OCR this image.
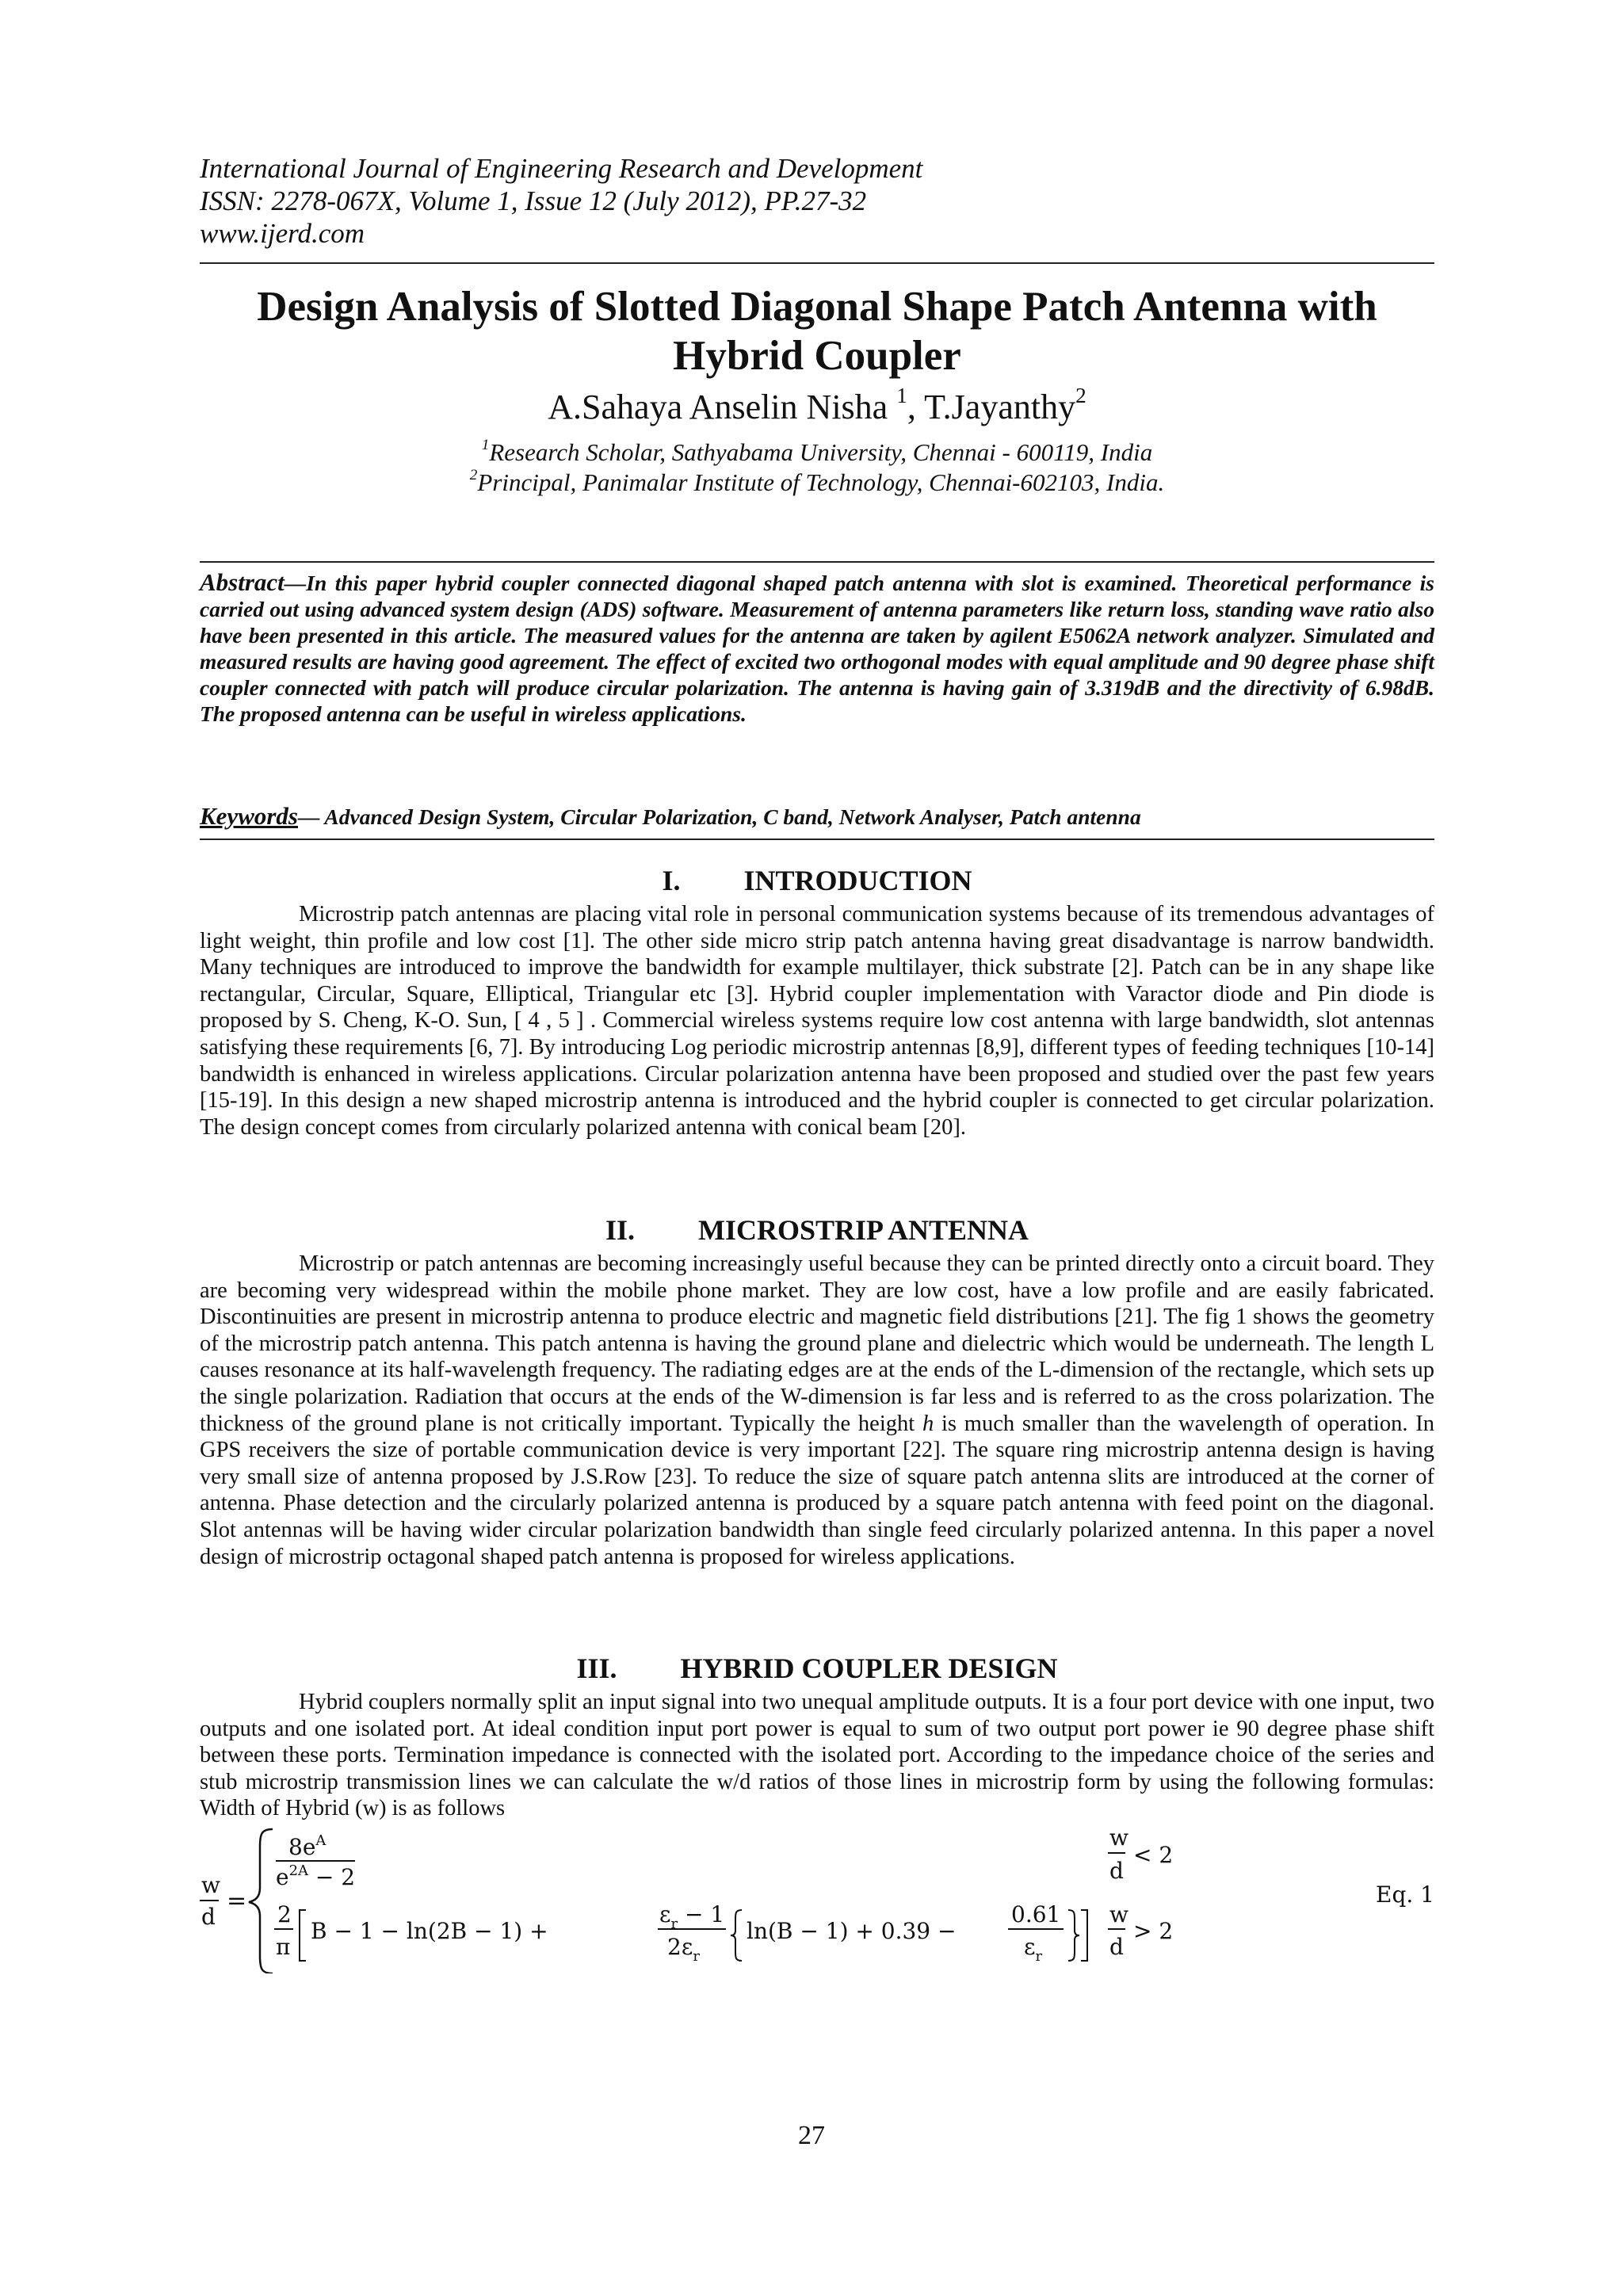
International Journal of Engineering Research and Development
ISSN: 2278-067X, Volume 1, Issue 12 (July 2012), PP.27-32
www.ijerd.com
Design Analysis of Slotted Diagonal Shape Patch Antenna with
Hybrid Coupler
A.Sahaya Anselin Nisha $^1$, T.Jayanthy$^2$
$^1$Research Scholar, Sathyabama University, Chennai - 600119, India
$^2$Principal, Panimalar Institute of Technology, Chennai-602103, India.
Abstract—In this paper hybrid coupler connected diagonal shaped patch antenna with slot is examined. Theoretical performance is carried out using advanced system design (ADS) software. Measurement of antenna parameters like return loss, standing wave ratio also have been presented in this article. The measured values for the antenna are taken by agilent E5062A network analyzer. Simulated and measured results are having good agreement. The effect of excited two orthogonal modes with equal amplitude and 90 degree phase shift coupler connected with patch will produce circular polarization. The antenna is having gain of 3.319dB and the directivity of 6.98dB. The proposed antenna can be useful in wireless applications.
Keywords— Advanced Design System, Circular Polarization, C band, Network Analyser, Patch antenna
I. INTRODUCTION
Microstrip patch antennas are placing vital role in personal communication systems because of its tremendous advantages of light weight, thin profile and low cost [1]. The other side micro strip patch antenna having great disadvantage is narrow bandwidth. Many techniques are introduced to improve the bandwidth for example multilayer, thick substrate [2]. Patch can be in any shape like rectangular, Circular, Square, Elliptical, Triangular etc [3]. Hybrid coupler implementation with Varactor diode and Pin diode is proposed by S. Cheng, K-O. Sun, [ 4 , 5 ] . Commercial wireless systems require low cost antenna with large bandwidth, slot antennas satisfying these requirements [6, 7]. By introducing Log periodic microstrip antennas [8,9], different types of feeding techniques [10-14] bandwidth is enhanced in wireless applications. Circular polarization antenna have been proposed and studied over the past few years [15-19]. In this design a new shaped microstrip antenna is introduced and the hybrid coupler is connected to get circular polarization. The design concept comes from circularly polarized antenna with conical beam [20].
II. MICROSTRIP ANTENNA
Microstrip or patch antennas are becoming increasingly useful because they can be printed directly onto a circuit board. They are becoming very widespread within the mobile phone market. They are low cost, have a low profile and are easily fabricated. Discontinuities are present in microstrip antenna to produce electric and magnetic field distributions [21]. The fig 1 shows the geometry of the microstrip patch antenna. This patch antenna is having the ground plane and dielectric which would be underneath. The length L causes resonance at its half-wavelength frequency. The radiating edges are at the ends of the L-dimension of the rectangle, which sets up the single polarization. Radiation that occurs at the ends of the W-dimension is far less and is referred to as the cross polarization. The thickness of the ground plane is not critically important. Typically the height h is much smaller than the wavelength of operation. In GPS receivers the size of portable communication device is very important [22]. The square ring microstrip antenna design is having very small size of antenna proposed by J.S.Row [23]. To reduce the size of square patch antenna slits are introduced at the corner of antenna. Phase detection and the circularly polarized antenna is produced by a square patch antenna with feed point on the diagonal. Slot antennas will be having wider circular polarization bandwidth than single feed circularly polarized antenna. In this paper a novel design of microstrip octagonal shaped patch antenna is proposed for wireless applications.
III. HYBRID COUPLER DESIGN
Hybrid couplers normally split an input signal into two unequal amplitude outputs. It is a four port device with one input, two outputs and one isolated port. At ideal condition input port power is equal to sum of two output port power ie 90 degree phase shift between these ports. Termination impedance is connected with the isolated port. According to the impedance choice of the series and stub microstrip transmission lines we can calculate the w/d ratios of those lines in microstrip form by using the following formulas: Width of Hybrid (w) is as follows
w
d
=
$8e^A$
$e^{2A} - 2$
2
π
B − 1 − ln(2B − 1) +
$\varepsilon_r - 1$
$2\varepsilon_r$
ln(B − 1) + 0.39 −
0.61
$\varepsilon_r$
w
d
< 2
w
d
> 2
Eq. 1
27
